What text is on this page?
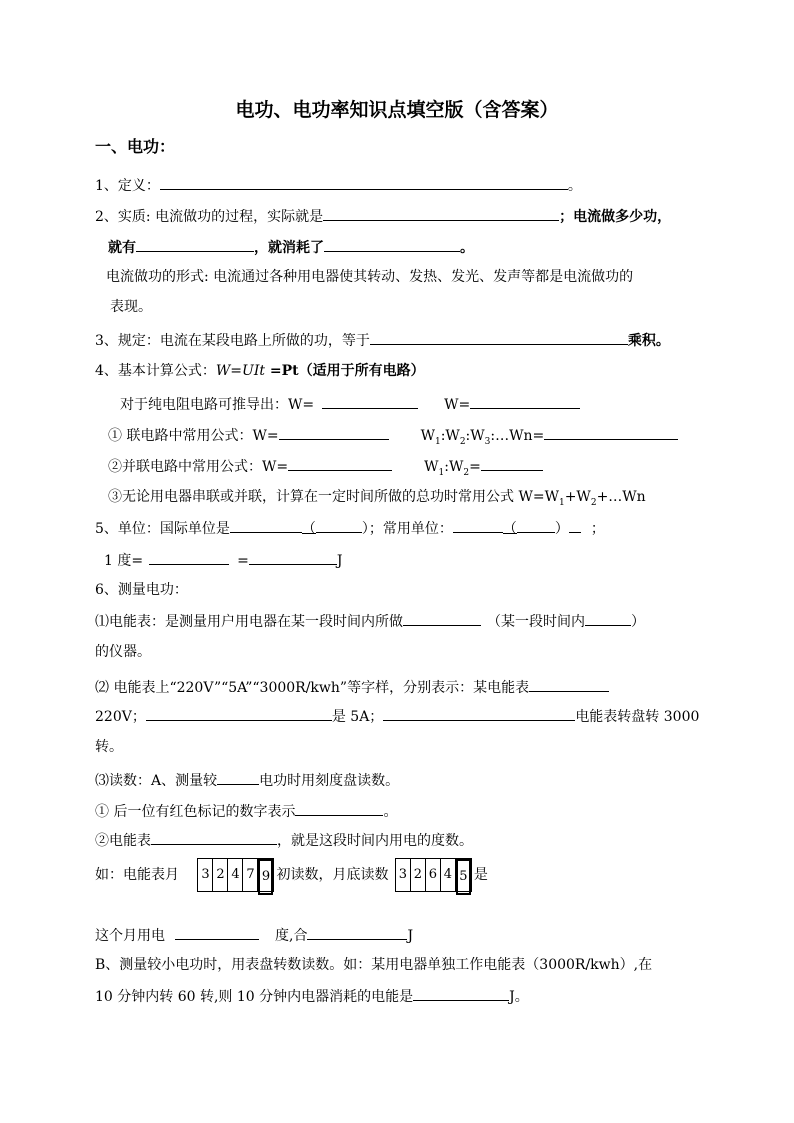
电功、电功率知识点填空版（含答案）
一、电功：
1、定义：	。
2、实质: 电流做功的过程，实际就是	；电流做多少功，
就有	，就消耗了	。
电流做功的形式: 电流通过各种用电器使其转动、发热、发光、发声等都是电流做功的
表现。
3、规定：电流在某段电路上所做的功，等于	乘积。
4、基本计算公式：W=UIt =Pt（适用于所有电路）
对于纯电阻电路可推导出：W=	W=
① 联电路中常用公式：W=	$W_1:W_2:W_3:\dots Wn=$
②并联电路中常用公式：W=	$W_1:W_2=$
③无论用电器串联或并联，计算在一定时间所做的总功时常用公式 $W=W_1+W_2+\dots Wn$
5、单位：国际单位是	（	）；常用单位：	（	） ；
1 度=	=	J
6、测量电功：
⑴电能表：是测量用户用电器在某一段时间内所做	（某一段时间内	）
的仪器。
⑵ 电能表上“220V”“5A”“3000R/kwh”等字样，分别表示：某电能表
220V；	是 5A；	电能表转盘转 3000
转。
⑶读数：A、测量较	电功时用刻度盘读数。
① 后一位有红色标记的数字表示	。
②电能表	，就是这段时间内用电的度数。
如：电能表月 3 2 4 7 9 初读数，月底读数 3 2 6 4 5 是
这个月用电	度,合	J
B、测量较小电功时，用表盘转数读数。如：某用电器单独工作电能表（3000R/kwh）,在
10 分钟内转 60 转,则 10 分钟内电器消耗的电能是	J。
